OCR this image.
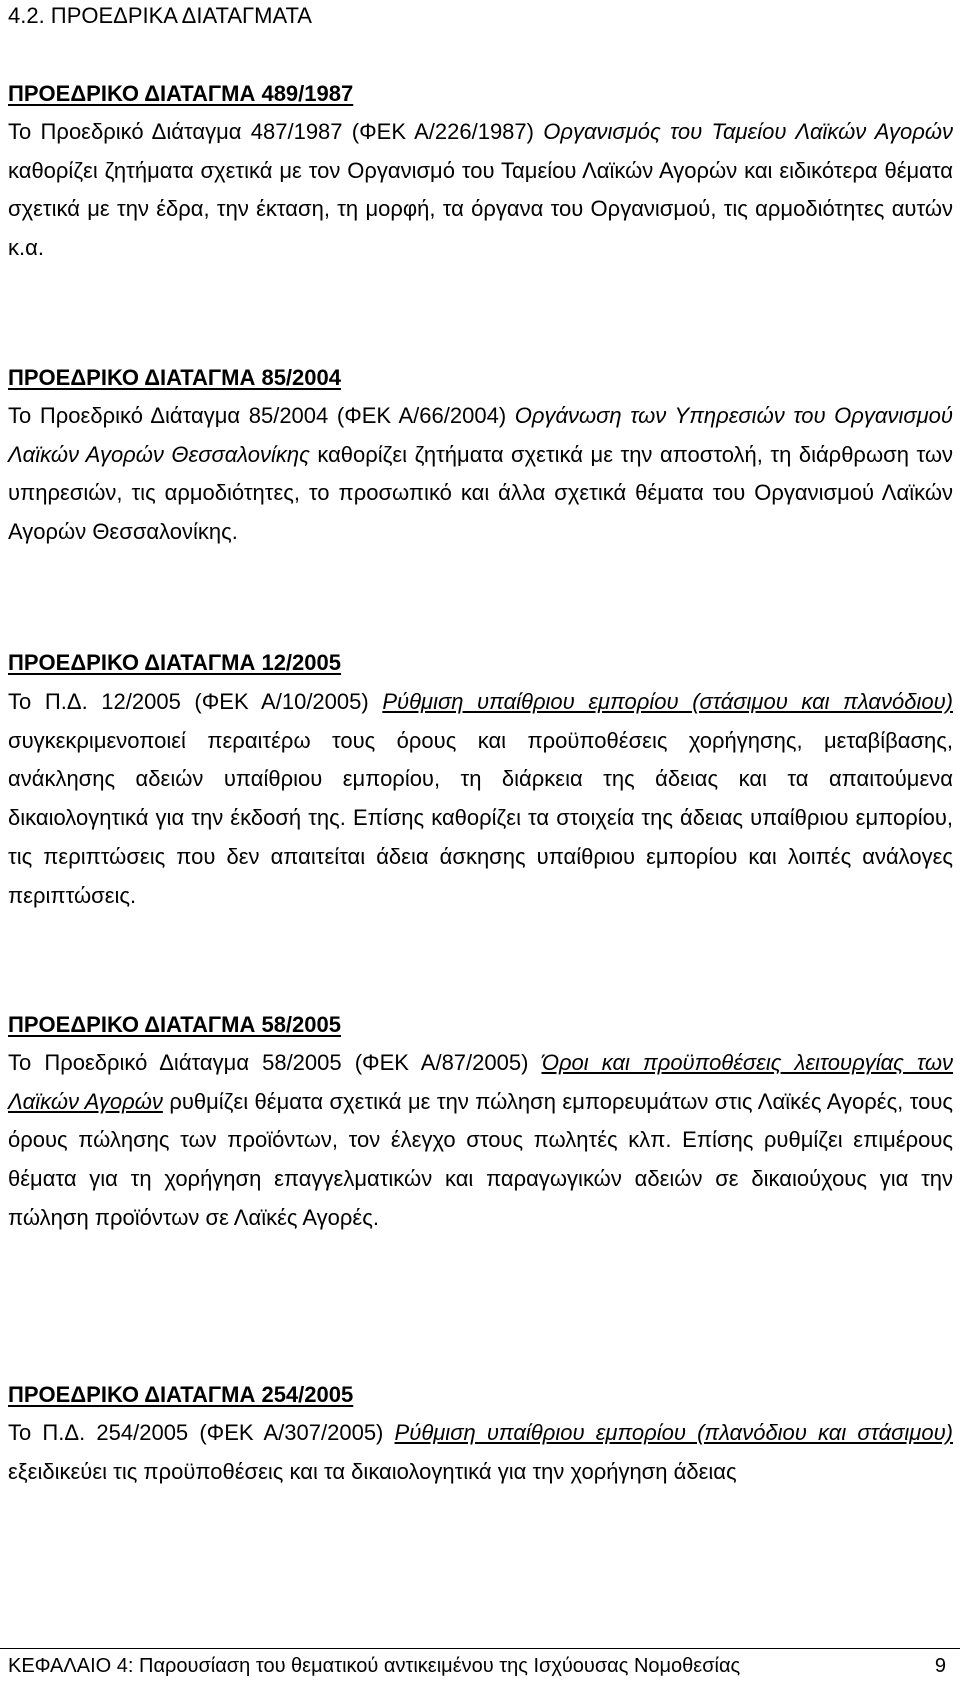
4.2. ΠΡΟΕΔΡΙΚΑ ΔΙΑΤΑΓΜΑΤΑ
ΠΡΟΕΔΡΙΚΟ ΔΙΑΤΑΓΜΑ 489/1987

Το Προεδρικό Διάταγμα 487/1987 (ΦΕΚ Α/226/1987) Οργανισμός του Ταμείου Λαϊκών Αγορών καθορίζει ζητήματα σχετικά με τον Οργανισμό του Ταμείου Λαϊκών Αγορών και ειδικότερα θέματα σχετικά με την έδρα, την έκταση, τη μορφή, τα όργανα του Οργανισμού, τις αρμοδιότητες αυτών κ.α.

ΠΡΟΕΔΡΙΚΟ ΔΙΑΤΑΓΜΑ 85/2004

Το Προεδρικό Διάταγμα 85/2004 (ΦΕΚ Α/66/2004) Οργάνωση των Υπηρεσιών του Οργανισμού Λαϊκών Αγορών Θεσσαλονίκης καθορίζει ζητήματα σχετικά με την αποστολή, τη διάρθρωση των υπηρεσιών, τις αρμοδιότητες, το προσωπικό και άλλα σχετικά θέματα του Οργανισμού Λαϊκών Αγορών Θεσσαλονίκης.

ΠΡΟΕΔΡΙΚΟ ΔΙΑΤΑΓΜΑ 12/2005

Το Π.Δ. 12/2005 (ΦΕΚ Α/10/2005) Ρύθμιση υπαίθριου εμπορίου (στάσιμου και πλανόδιου) συγκεκριμενοποιεί περαιτέρω τους όρους και προϋποθέσεις χορήγησης, μεταβίβασης, ανάκλησης αδειών υπαίθριου εμπορίου, τη διάρκεια της άδειας και τα απαιτούμενα δικαιολογητικά για την έκδοσή της. Επίσης καθορίζει τα στοιχεία της άδειας υπαίθριου εμπορίου, τις περιπτώσεις που δεν απαιτείται άδεια άσκησης υπαίθριου εμπορίου και λοιπές ανάλογες περιπτώσεις.

ΠΡΟΕΔΡΙΚΟ ΔΙΑΤΑΓΜΑ 58/2005

Το Προεδρικό Διάταγμα 58/2005 (ΦΕΚ Α/87/2005) Όροι και προϋποθέσεις λειτουργίας των Λαϊκών Αγορών ρυθμίζει θέματα σχετικά με την πώληση εμπορευμάτων στις Λαϊκές Αγορές, τους όρους πώλησης των προϊόντων, τον έλεγχο στους πωλητές κλπ. Επίσης ρυθμίζει επιμέρους θέματα για τη χορήγηση επαγγελματικών και παραγωγικών αδειών σε δικαιούχους για την πώληση προϊόντων σε Λαϊκές Αγορές.

ΠΡΟΕΔΡΙΚΟ ΔΙΑΤΑΓΜΑ 254/2005

Το Π.Δ. 254/2005 (ΦΕΚ Α/307/2005) Ρύθμιση υπαίθριου εμπορίου (πλανόδιου και στάσιμου) εξειδικεύει τις προϋποθέσεις και τα δικαιολογητικά για την χορήγηση άδειας

ΚΕΦΑΛΑΙΟ 4: Παρουσίαση του θεματικού αντικειμένου της Ισχύουσας Νομοθεσίας	9
